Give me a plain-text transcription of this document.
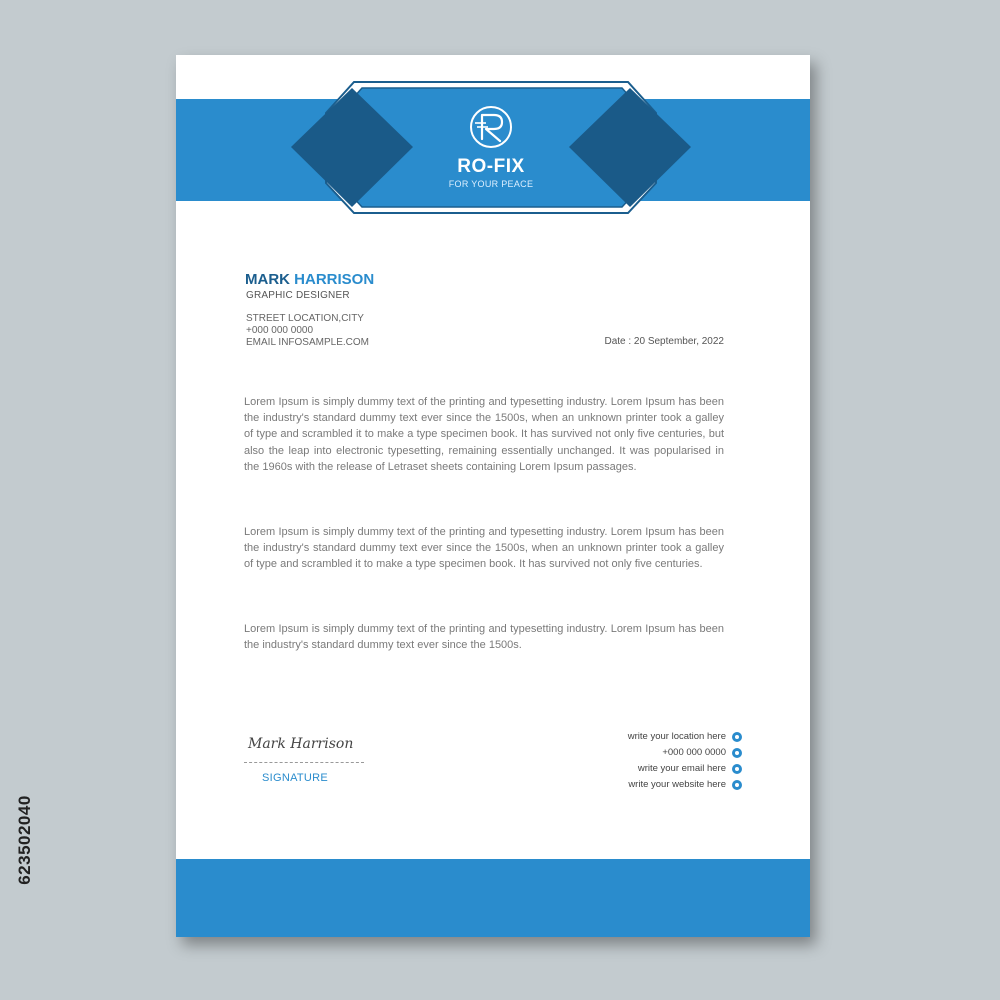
RO-FIX
FOR YOUR PEACE
MARK HARRISON
GRAPHIC DESIGNER
STREET LOCATION,CITY
+000 000 0000
EMAIL INFOSAMPLE.COM	Date : 20 September, 2022

Lorem Ipsum is simply dummy text of the printing and typesetting industry. Lorem Ipsum has been the industry's standard dummy text ever since the 1500s, when an unknown printer took a galley of type and scrambled it to make a type specimen book. It has survived not only five centuries, but also the leap into electronic typesetting, remaining essentially unchanged. It was popularised in the 1960s with the release of Letraset sheets containing Lorem Ipsum passages.

Lorem Ipsum is simply dummy text of the printing and typesetting industry. Lorem Ipsum has been the industry's standard dummy text ever since the 1500s, when an unknown printer took a galley of type and scrambled it to make a type specimen book. It has survived not only five centuries.

Lorem Ipsum is simply dummy text of the printing and typesetting industry. Lorem Ipsum has been the industry's standard dummy text ever since the 1500s.

Mark Harrison
SIGNATURE
write your location here
+000 000 0000
write your email here
write your website here
623502040
